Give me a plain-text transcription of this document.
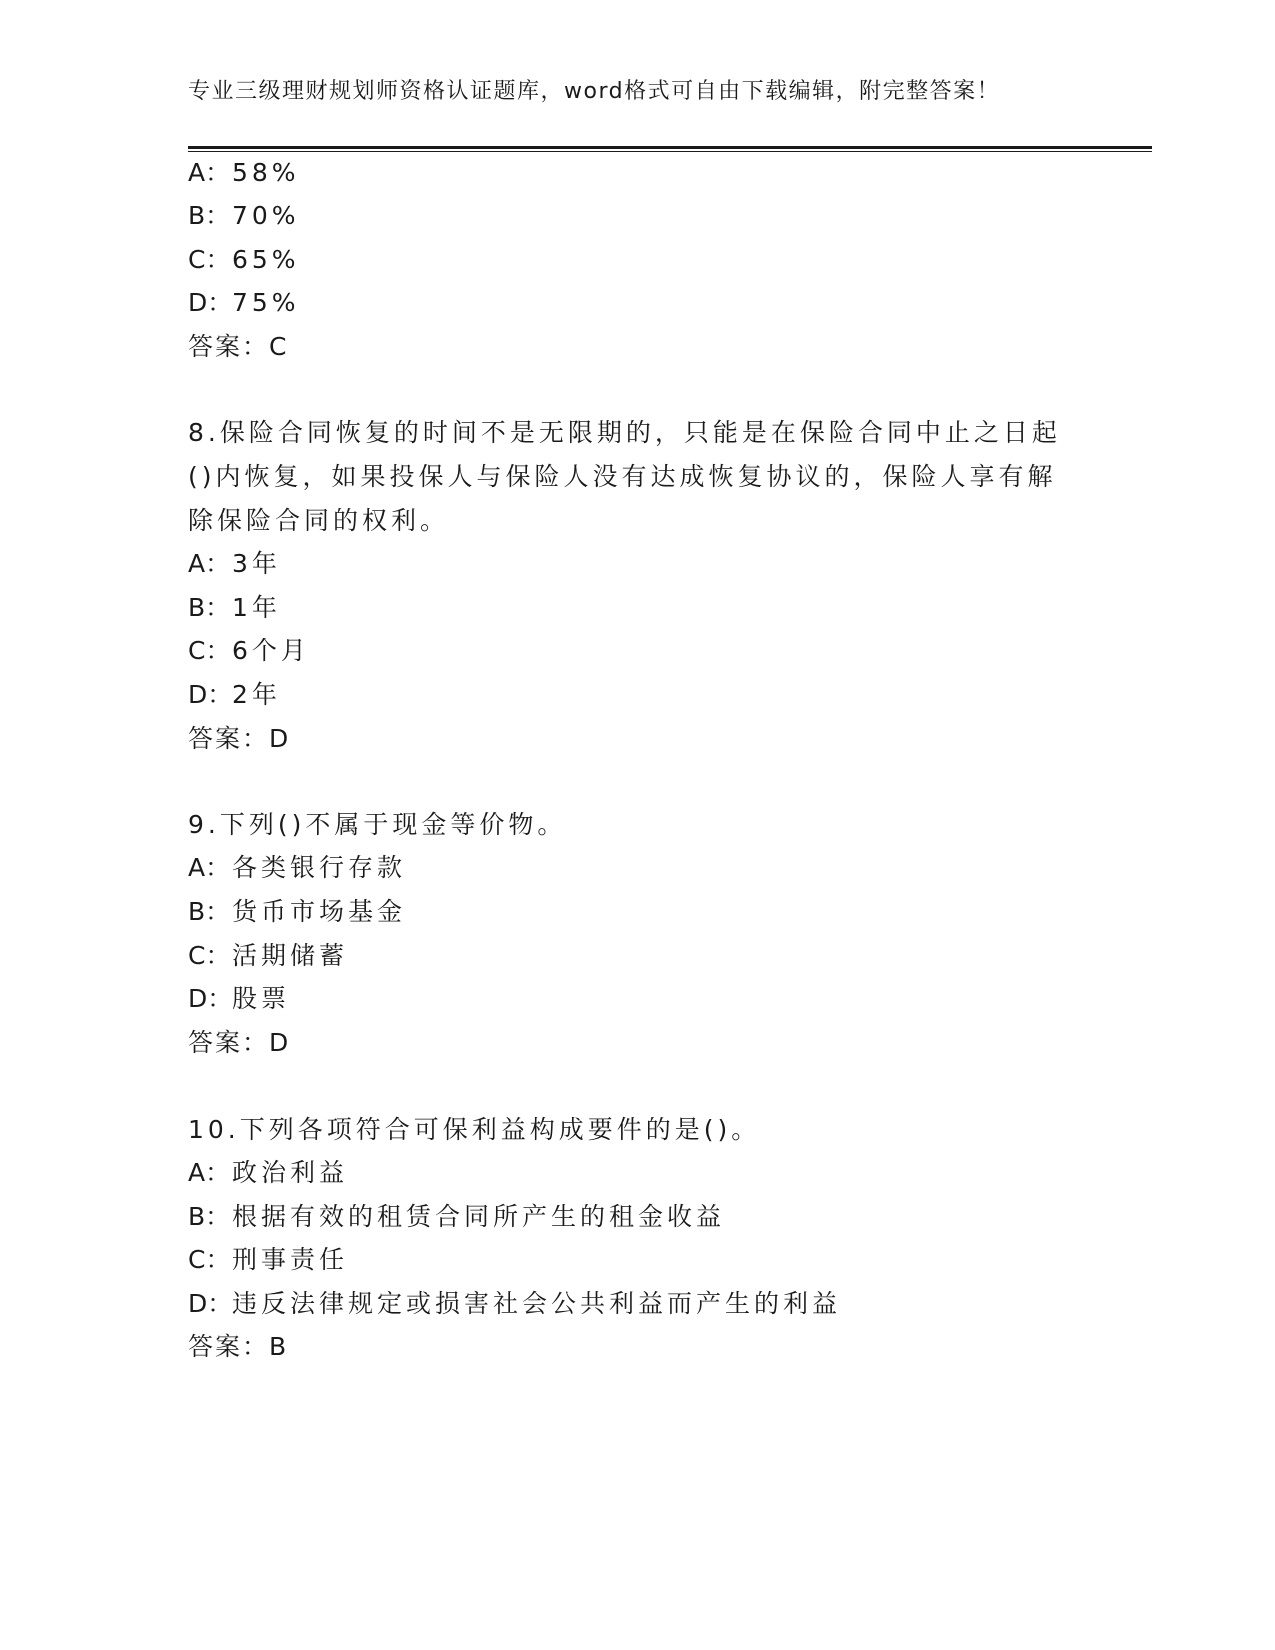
专业三级理财规划师资格认证题库，word格式可自由下载编辑，附完整答案！
A：58%
B：70%
C：65%
D：75%
答案：C
8.保险合同恢复的时间不是无限期的，只能是在保险合同中止之日起
()内恢复，如果投保人与保险人没有达成恢复协议的，保险人享有解
除保险合同的权利。
A：3年
B：1年
C：6个月
D：2年
答案：D
9.下列()不属于现金等价物。
A：各类银行存款
B：货币市场基金
C：活期储蓄
D：股票
答案：D
10.下列各项符合可保利益构成要件的是()。
A：政治利益
B：根据有效的租赁合同所产生的租金收益
C：刑事责任
D：违反法律规定或损害社会公共利益而产生的利益
答案：B
